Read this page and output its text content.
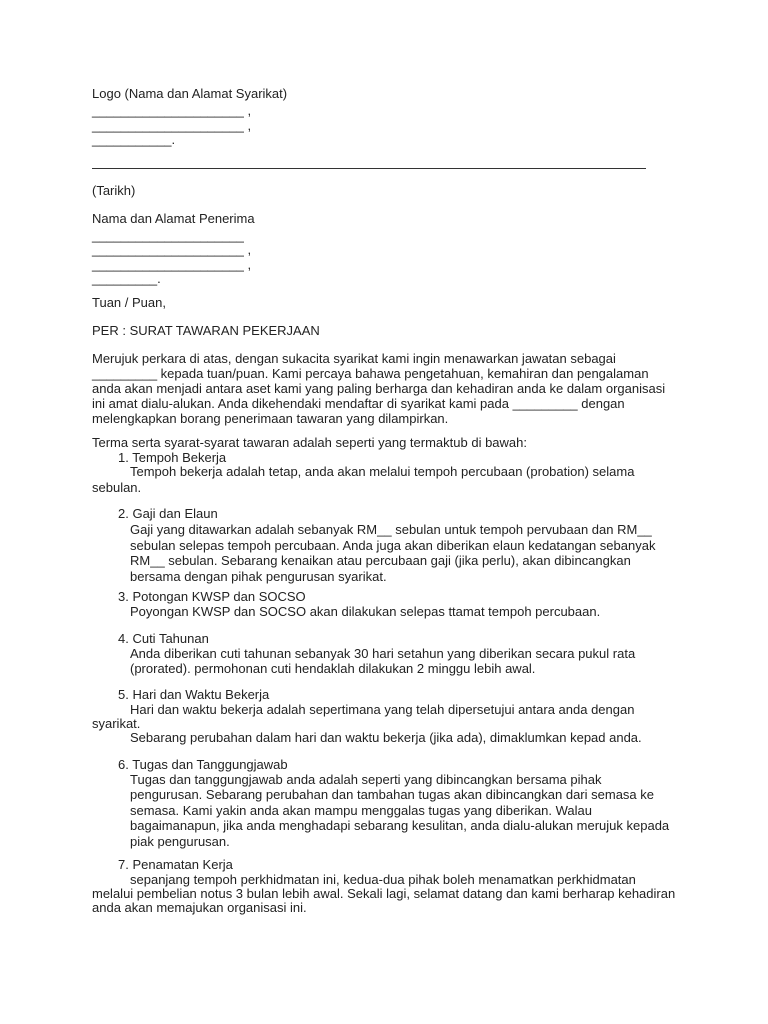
Logo (Nama dan Alamat Syarikat)
_____________________ ,
_____________________ ,
___________.
(Tarikh)
Nama dan Alamat Penerima
_____________________
_____________________ ,
_____________________ ,
_________.
Tuan / Puan,
PER : SURAT TAWARAN PEKERJAAN
Merujuk perkara di atas, dengan sukacita syarikat kami ingin menawarkan jawatan sebagai
_________ kepada tuan/puan. Kami percaya bahawa pengetahuan, kemahiran dan pengalaman
anda akan menjadi antara aset kami yang paling berharga dan kehadiran anda ke dalam organisasi
ini amat dialu-alukan. Anda dikehendaki mendaftar di syarikat kami pada _________ dengan
melengkapkan borang penerimaan tawaran yang dilampirkan.
Terma serta syarat-syarat tawaran adalah seperti yang termaktub di bawah:
1. Tempoh Bekerja
Tempoh bekerja adalah tetap, anda akan melalui tempoh percubaan (probation) selama
sebulan.
2. Gaji dan Elaun
Gaji yang ditawarkan adalah sebanyak RM__ sebulan untuk tempoh pervubaan dan RM__
sebulan selepas tempoh percubaan. Anda juga akan diberikan elaun kedatangan sebanyak
RM__ sebulan. Sebarang kenaikan atau percubaan gaji (jika perlu), akan dibincangkan
bersama dengan pihak pengurusan syarikat.
3. Potongan KWSP dan SOCSO
Poyongan KWSP dan SOCSO akan dilakukan selepas ttamat tempoh percubaan.
4. Cuti Tahunan
Anda diberikan cuti tahunan sebanyak 30 hari setahun yang diberikan secara pukul rata
(prorated). permohonan cuti hendaklah dilakukan 2 minggu lebih awal.
5. Hari dan Waktu Bekerja
Hari dan waktu bekerja adalah sepertimana yang telah dipersetujui antara anda dengan
syarikat.
Sebarang perubahan dalam hari dan waktu bekerja (jika ada), dimaklumkan kepad anda.
6. Tugas dan Tanggungjawab
Tugas dan tanggungjawab anda adalah seperti yang dibincangkan bersama pihak
pengurusan. Sebarang perubahan dan tambahan tugas akan dibincangkan dari semasa ke
semasa. Kami yakin anda akan mampu menggalas tugas yang diberikan. Walau
bagaimanapun, jika anda menghadapi sebarang kesulitan, anda dialu-alukan merujuk kepada
piak pengurusan.
7. Penamatan Kerja
sepanjang tempoh perkhidmatan ini, kedua-dua pihak boleh menamatkan perkhidmatan
melalui pembelian notus 3 bulan lebih awal. Sekali lagi, selamat datang dan kami berharap kehadiran
anda akan memajukan organisasi ini.
